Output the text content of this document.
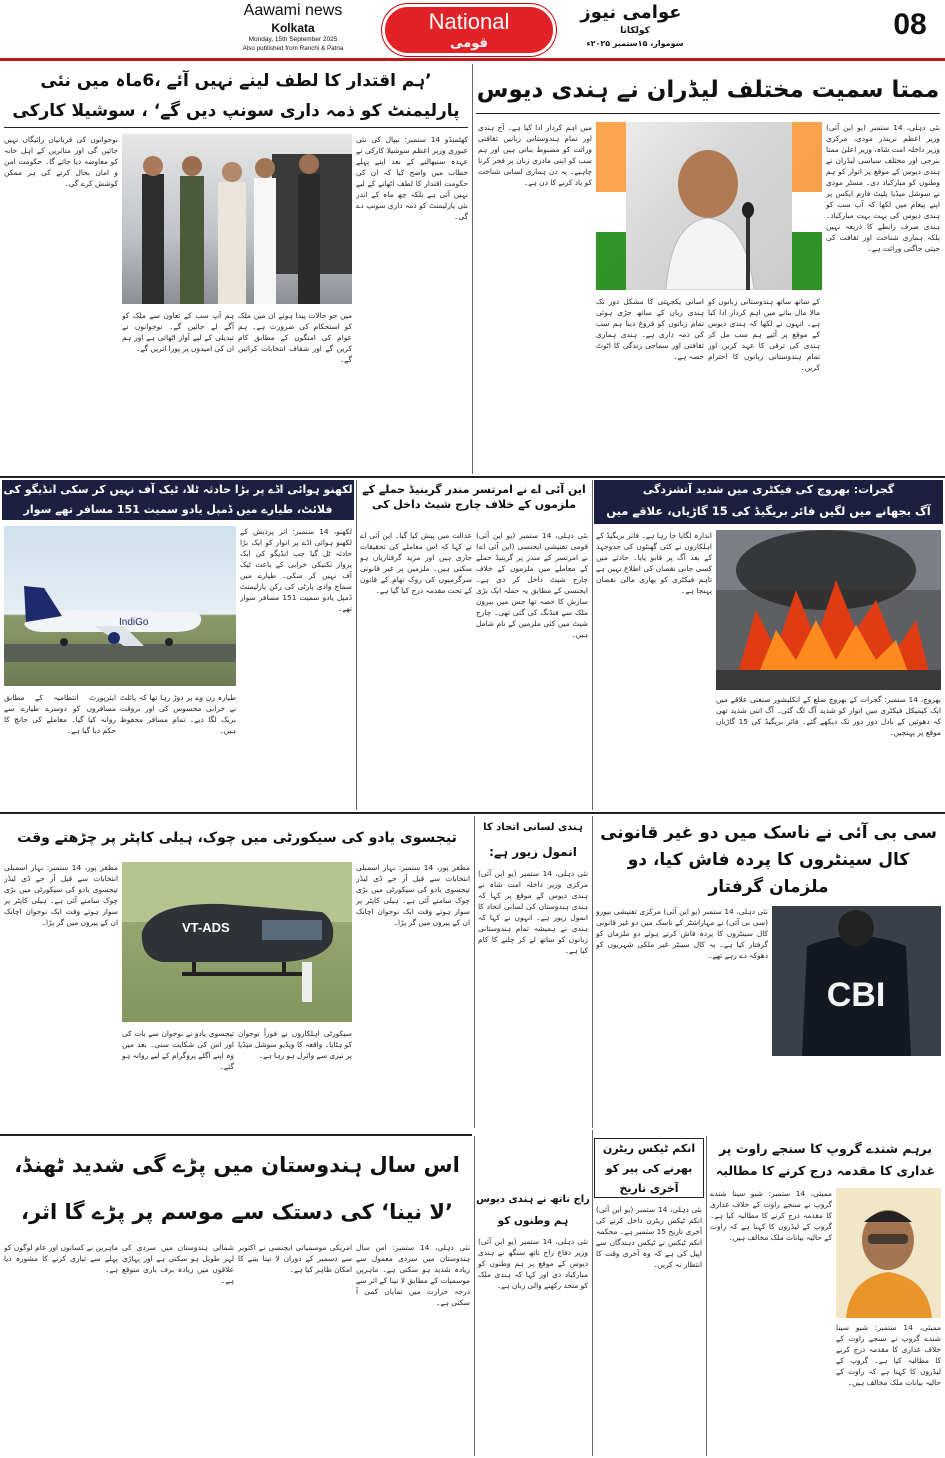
Aawami news
Kolkata
Monday, 15th September 2025
Also published from Ranchi & Patna
National
قومی
عوامی نیوز
کولکاتا
سوموار، ۱۵ستمبر ۲۰۲۵ء
08
ممتا سمیت مختلف لیڈران نے ہندی دیوس
نئی دہلی، 14 ستمبر (یو این آئی) وزیر اعظم نریندر مودی، مرکزی وزیر داخلہ امت شاہ، وزیر اعلیٰ ممتا بنرجی اور مختلف سیاسی لیڈران نے ہندی دیوس کے موقع پر اتوار کو ہم وطنوں کو مبارکباد دی۔ مسٹر مودی نے سوشل میڈیا پلیٹ فارم ایکس پر اپنے پیغام میں لکھا کہ آپ سب کو ہندی دیوس کی بہت بہت مبارکباد۔ ہندی صرف رابطے کا ذریعہ نہیں بلکہ ہماری شناخت اور ثقافت کی جیتی جاگتی وراثت ہے۔
کے ساتھ ساتھ ہندوستانی زبانوں کو مالا مال بنانے میں اہم کردار ادا کیا ہے۔ انہوں نے لکھا کہ ہندی دیوس کے موقع پر آئیے ہم سب مل کر ہندی کی ترقی کا عہد کریں اور تمام ہندوستانی زبانوں کا احترام کریں۔
اسانی یکجہتی کا مشکل دور تک ہندی زبان کے ساتھ جڑی ہوئی تمام زبانوں کو فروغ دینا ہم سب کی ذمہ داری ہے۔ ہندی ہماری ثقافتی اور سماجی زندگی کا اٹوٹ حصہ ہے۔
میں اہم کردار ادا کیا ہے۔ آج ہندی اور تمام ہندوستانی زبانیں ثقافتی وراثت کو مضبوط بناتی ہیں اور ہم سب کو اپنی مادری زبان پر فخر کرنا چاہیے۔ یہ دن ہماری لسانی شناخت کو یاد کرنے کا دن ہے۔
’ہم اقتدار کا لطف لینے نہیں آئے ،6ماہ میں نئی پارلیمنٹ کو ذمہ داری سونپ دیں گے‘ ، سوشیلا کارکی
کھٹمنڈو 14 ستمبر: نیپال کی نئی عبوری وزیر اعظم سوشیلا کارکی نے عہدہ سنبھالنے کے بعد اپنے پہلے خطاب میں واضح کیا کہ ان کی حکومت اقتدار کا لطف اٹھانے کے لیے نہیں آئی ہے بلکہ چھ ماہ کے اندر نئی پارلیمنٹ کو ذمہ داری سونپ دے گی۔
میں جو حالات پیدا ہوئے ان میں ملک کو استحکام کی ضرورت ہے۔ ہم عوام کی امنگوں کے مطابق کام کریں گے اور شفاف انتخابات کرائیں گے۔
ہم آپ سب کے تعاون سے ملک کو آگے لے جائیں گے۔ نوجوانوں نے تبدیلی کے لیے آواز اٹھائی ہے اور ہم ان کی امیدوں پر پورا اتریں گے۔
نوجوانوں کی قربانیاں رائیگاں نہیں جائیں گی اور متاثرین کے اہل خانہ کو معاوضہ دیا جائے گا۔ حکومت امن و امان بحال کرنے کی ہر ممکن کوشش کرے گی۔
گجرات: بھروچ کی فیکٹری میں شدید آتشزدگی
آگ بجھانے میں لگیں فائر بریگیڈ کی 15 گاڑیاں، علاقے میں
اندازہ لگایا جا رہا ہے۔ فائر بریگیڈ کے اہلکاروں نے کئی گھنٹوں کی جدوجہد کے بعد آگ پر قابو پایا۔ حادثے میں کسی جانی نقصان کی اطلاع نہیں ہے تاہم فیکٹری کو بھاری مالی نقصان پہنچا ہے۔
بھروچ، 14 ستمبر: گجرات کے بھروچ ضلع کے انکلیشور صنعتی علاقے میں ایک کیمیکل فیکٹری میں اتوار کو شدید آگ لگ گئی۔ آگ اتنی شدید تھی کہ دھوئیں کے بادل دور دور تک دیکھے گئے۔ فائر بریگیڈ کی 15 گاڑیاں موقع پر پہنچیں۔
این آئی اے نے امرتسر مندر گرینیڈ حملے کے ملزموں کے خلاف چارج شیٹ داخل کی
نئی دہلی، 14 ستمبر (یو این آئی) قومی تفتیشی ایجنسی (این آئی اے) نے امرتسر کے مندر پر گرینیڈ حملے کے معاملے میں ملزموں کے خلاف چارج شیٹ داخل کر دی ہے۔ ایجنسی کے مطابق یہ حملہ ایک بڑی سازش کا حصہ تھا جس میں بیرون ملک سے فنڈنگ کی گئی تھی۔ چارج شیٹ میں کئی ملزمین کے نام شامل ہیں۔
عدالت میں پیش کیا گیا۔ این آئی اے نے کہا کہ اس معاملے کی تحقیقات جاری ہیں اور مزید گرفتاریاں ہو سکتی ہیں۔ ملزمین پر غیر قانونی سرگرمیوں کی روک تھام کے قانون کے تحت مقدمہ درج کیا گیا ہے۔
لکھنو ہوائی اڈے پر بڑا حادثہ ٹلا، ٹیک آف نہیں کر سکی انڈیگو کی فلائٹ، طیارے میں ڈمپل یادو سمیت 151 مسافر تھے سوار
لکھنو، 14 ستمبر: اتر پردیش کے لکھنو ہوائی اڈے پر اتوار کو ایک بڑا حادثہ ٹل گیا جب انڈیگو کی ایک پرواز تکنیکی خرابی کے باعث ٹیک آف نہیں کر سکی۔ طیارے میں سماج وادی پارٹی کی رکن پارلیمنٹ ڈمپل یادو سمیت 151 مسافر سوار تھے۔
IndiGo
طیارہ رن وے پر دوڑ رہا تھا کہ پائلٹ نے خرابی محسوس کی اور بروقت بریک لگا دیے۔ تمام مسافر محفوظ ہیں۔
ایئرپورٹ انتظامیہ کے مطابق مسافروں کو دوسرے طیارے سے روانہ کیا گیا۔ معاملے کی جانچ کا حکم دیا گیا ہے۔
سی بی آئی نے ناسک میں دو غیر قانونی کال سینٹروں کا پردہ فاش کیا، دو ملزمان گرفتار
نئی دہلی، 14 ستمبر (یو این آئی) مرکزی تفتیشی بیورو (سی بی آئی) نے مہاراشٹر کے ناسک میں دو غیر قانونی کال سینٹروں کا پردہ فاش کرتے ہوئے دو ملزمان کو گرفتار کیا ہے۔ یہ کال سینٹر غیر ملکی شہریوں کو دھوکہ دے رہے تھے۔
CBI
ہندی لسانی اتحاد کا
انمول زیور ہے:
نئی دہلی، 14 ستمبر (یو این آئی) مرکزی وزیر داخلہ امت شاہ نے ہندی دیوس کے موقع پر کہا کہ ہندی ہندوستان کی لسانی اتحاد کا انمول زیور ہے۔ انہوں نے کہا کہ ہندی نے ہمیشہ تمام ہندوستانی زبانوں کو ساتھ لے کر چلنے کا کام کیا ہے۔
تیجسوی یادو کی سیکورٹی میں چوک، ہیلی کاپٹر پر چڑھتے وقت
مظفر پور، 14 ستمبر: بہار اسمبلی انتخابات سے قبل آر جے ڈی لیڈر تیجسوی یادو کی سیکورٹی میں بڑی چوک سامنے آئی ہے۔ ہیلی کاپٹر پر سوار ہوتے وقت ایک نوجوان اچانک ان کے پیروں میں گر پڑا۔
VT-ADS
سیکورٹی اہلکاروں نے فوراً نوجوان کو ہٹایا۔ واقعہ کا ویڈیو سوشل میڈیا پر تیزی سے وائرل ہو رہا ہے۔
تیجسوی یادو نے نوجوان سے بات کی اور اس کی شکایت سنی۔ بعد میں وہ اپنے اگلے پروگرام کے لیے روانہ ہو گئے۔
مظفر پور، 14 ستمبر: بہار اسمبلی انتخابات سے قبل آر جے ڈی لیڈر تیجسوی یادو کی سیکورٹی میں بڑی چوک سامنے آئی ہے۔ ہیلی کاپٹر پر سوار ہوتے وقت ایک نوجوان اچانک ان کے پیروں میں گر پڑا۔
اس سال ہندوستان میں پڑے گی شدید ٹھنڈ، ’لا نینا‘ کی دستک سے موسم پر پڑے گا اثر،
نئی دہلی، 14 ستمبر: اس سال ہندوستان میں سردی معمول سے زیادہ شدید ہو سکتی ہے۔ ماہرین موسمیات کے مطابق لا نینا کے اثر سے درجہ حرارت میں نمایاں کمی آ سکتی ہے۔
امریکی موسمیاتی ایجنسی نے اکتوبر سے دسمبر کے دوران لا نینا بننے کا امکان ظاہر کیا ہے۔
شمالی ہندوستان میں سردی کی لہر طویل ہو سکتی ہے اور پہاڑی علاقوں میں زیادہ برف باری متوقع ہے۔
ماہرین نے کسانوں اور عام لوگوں کو پہلے سے تیاری کرنے کا مشورہ دیا ہے۔
راج ناتھ نے ہندی دیوس
ہم وطنوں کو
نئی دہلی، 14 ستمبر (یو این آئی) وزیر دفاع راج ناتھ سنگھ نے ہندی دیوس کے موقع پر ہم وطنوں کو مبارکباد دی اور کہا کہ ہندی ملک کو متحد رکھنے والی زبان ہے۔
انکم ٹیکس ریٹرن بھرنے کی پیر کو آخری تاریخ
نئی دہلی، 14 ستمبر (یو این آئی) انکم ٹیکس ریٹرن داخل کرنے کی آخری تاریخ 15 ستمبر ہے۔ محکمہ انکم ٹیکس نے ٹیکس دہندگان سے اپیل کی ہے کہ وہ آخری وقت کا انتظار نہ کریں۔
برہم شندے گروپ کا سنجے راوت پر غداری کا مقدمہ درج کرنے کا مطالبہ
ممبئی، 14 ستمبر: شیو سینا شندے گروپ نے سنجے راوت کے خلاف غداری کا مقدمہ درج کرنے کا مطالبہ کیا ہے۔ گروپ کے لیڈروں کا کہنا ہے کہ راوت کے حالیہ بیانات ملک مخالف ہیں۔
ممبئی، 14 ستمبر: شیو سینا شندے گروپ نے سنجے راوت کے خلاف غداری کا مقدمہ درج کرنے کا مطالبہ کیا ہے۔ گروپ کے لیڈروں کا کہنا ہے کہ راوت کے حالیہ بیانات ملک مخالف ہیں۔
